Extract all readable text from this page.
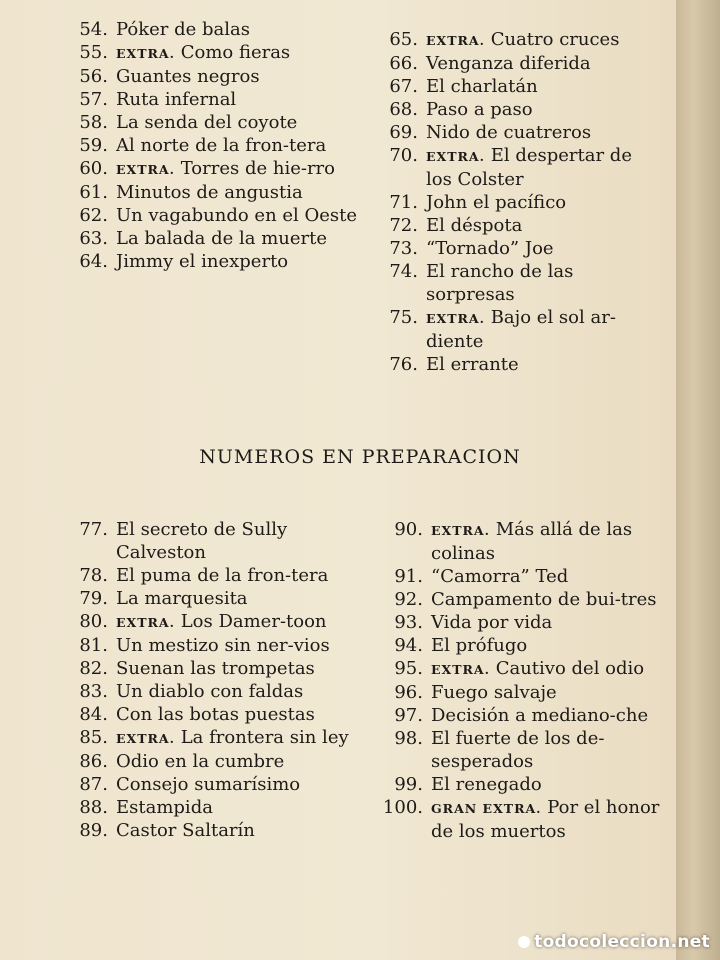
54. Póker de balas
55. EXTRA. Como fieras
56. Guantes negros
57. Ruta infernal
58. La senda del coyote
59. Al norte de la fron-tera
60. EXTRA. Torres de hie-rro
61. Minutos de angustia
62. Un vagabundo en el Oeste
63. La balada de la muerte
64. Jimmy el inexperto
65. EXTRA. Cuatro cruces
66. Venganza diferida
67. El charlatán
68. Paso a paso
69. Nido de cuatreros
70. EXTRA. El despertar de los Colster
71. John el pacífico
72. El déspota
73. “Tornado” Joe
74. El rancho de las sorpresas
75. EXTRA. Bajo el sol ar-diente
76. El errante
NUMEROS EN PREPARACION
77. El secreto de Sully Calveston
78. El puma de la fron-tera
79. La marquesita
80. EXTRA. Los Damer-toon
81. Un mestizo sin ner-vios
82. Suenan las trompetas
83. Un diablo con faldas
84. Con las botas puestas
85. EXTRA. La frontera sin ley
86. Odio en la cumbre
87. Consejo sumarísimo
88. Estampida
89. Castor Saltarín
90. EXTRA. Más allá de las colinas
91. “Camorra” Ted
92. Campamento de bui-tres
93. Vida por vida
94. El prófugo
95. EXTRA. Cautivo del odio
96. Fuego salvaje
97. Decisión a mediano-che
98. El fuerte de los de-sesperados
99. El renegado
100. GRAN EXTRA. Por el honor de los muertos
todocoleccion.net
